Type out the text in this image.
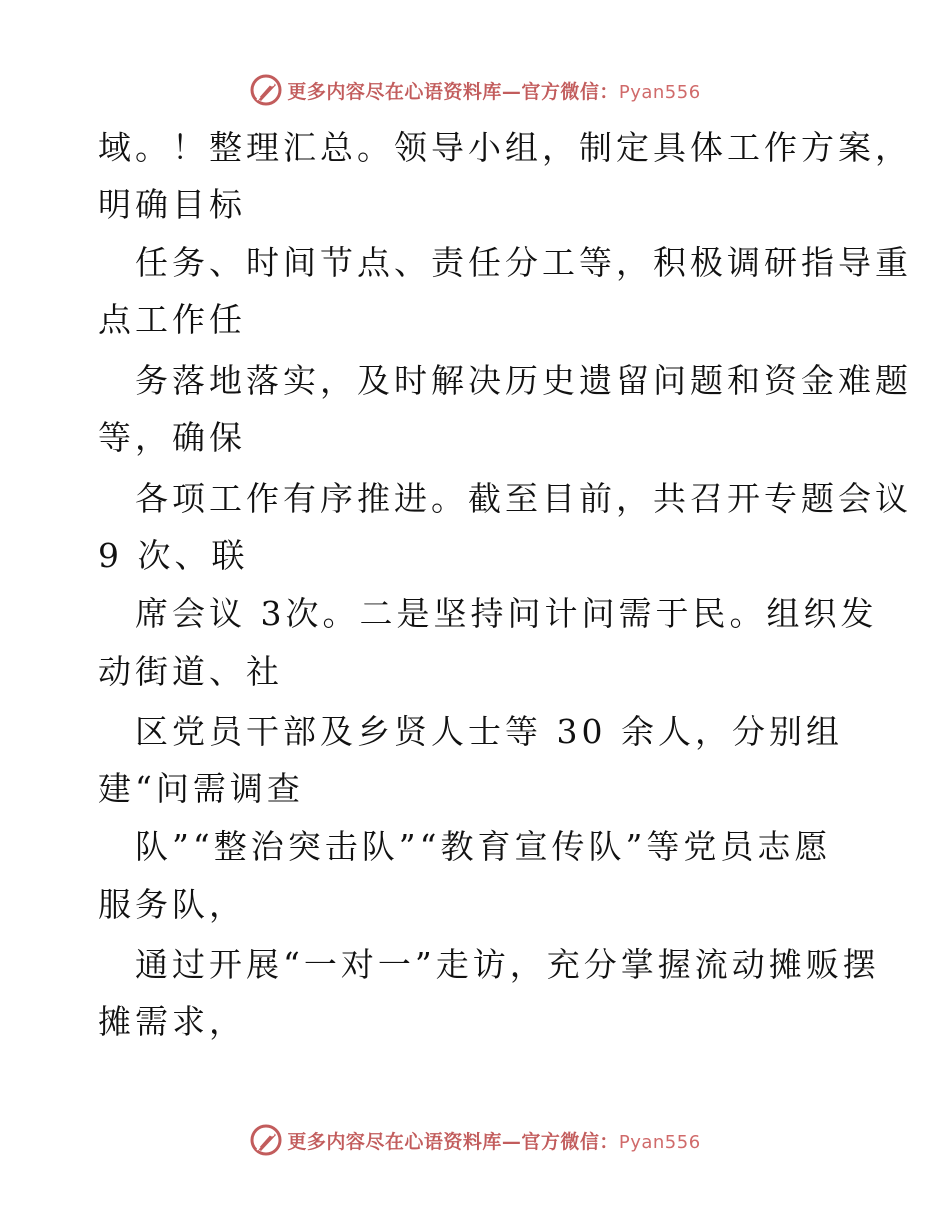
更多内容尽在心语资料库—官方微信：Pyan556
域。！整理汇总。领导小组，制定具体工作方案，
明确目标
任务、时间节点、责任分工等，积极调研指导重
点工作任
务落地落实，及时解决历史遗留问题和资金难题
等，确保
各项工作有序推进。截至目前，共召开专题会议
9 次、联
席会议 3次。二是坚持问计问需于民。组织发
动街道、社
区党员干部及乡贤人士等 30 余人，分别组
建“问需调查
队”“整治突击队”“教育宣传队”等党员志愿
服务队，
通过开展“一对一”走访，充分掌握流动摊贩摆
摊需求，
更多内容尽在心语资料库—官方微信：Pyan556
